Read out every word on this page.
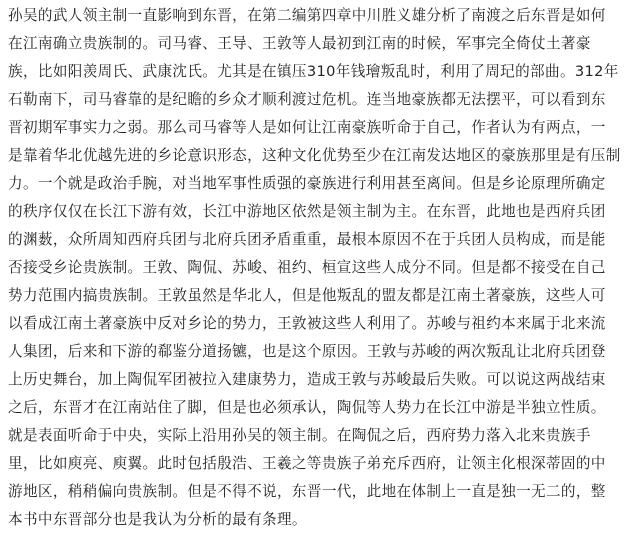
孙吴的武人领主制一直影响到东晋，在第二编第四章中川胜义雄分析了南渡之后东晋是如何
在江南确立贵族制的。司马睿、王导、王敦等人最初到江南的时候，军事完全倚仗土著豪
族，比如阳羡周氏、武康沈氏。尤其是在镇压310年钱璯叛乱时，利用了周玘的部曲。312年
石勒南下，司马睿靠的是纪瞻的乡众才顺利渡过危机。连当地豪族都无法摆平，可以看到东
晋初期军事实力之弱。那么司马睿等人是如何让江南豪族听命于自己，作者认为有两点，一
是靠着华北优越先进的乡论意识形态，这种文化优势至少在江南发达地区的豪族那里是有压制
力。一个就是政治手腕，对当地军事性质强的豪族进行利用甚至离间。但是乡论原理所确定
的秩序仅仅在长江下游有效，长江中游地区依然是领主制为主。在东晋，此地也是西府兵团
的渊薮，众所周知西府兵团与北府兵团矛盾重重，最根本原因不在于兵团人员构成，而是能
否接受乡论贵族制。王敦、陶侃、苏峻、祖约、桓宣这些人成分不同。但是都不接受在自己
势力范围内搞贵族制。王敦虽然是华北人，但是他叛乱的盟友都是江南土著豪族，这些人可
以看成江南土著豪族中反对乡论的势力，王敦被这些人利用了。苏峻与祖约本来属于北来流
人集团，后来和下游的郗鉴分道扬镳，也是这个原因。王敦与苏峻的两次叛乱让北府兵团登
上历史舞台，加上陶侃军团被拉入建康势力，造成王敦与苏峻最后失败。可以说这两战结束
之后，东晋才在江南站住了脚，但是也必须承认，陶侃等人势力在长江中游是半独立性质。
就是表面听命于中央，实际上沿用孙吴的领主制。在陶侃之后，西府势力落入北来贵族手
里，比如庾亮、庾翼。此时包括殷浩、王羲之等贵族子弟充斥西府，让领主化根深蒂固的中
游地区，稍稍偏向贵族制。但是不得不说，东晋一代，此地在体制上一直是独一无二的，整
本书中东晋部分也是我认为分析的最有条理。
